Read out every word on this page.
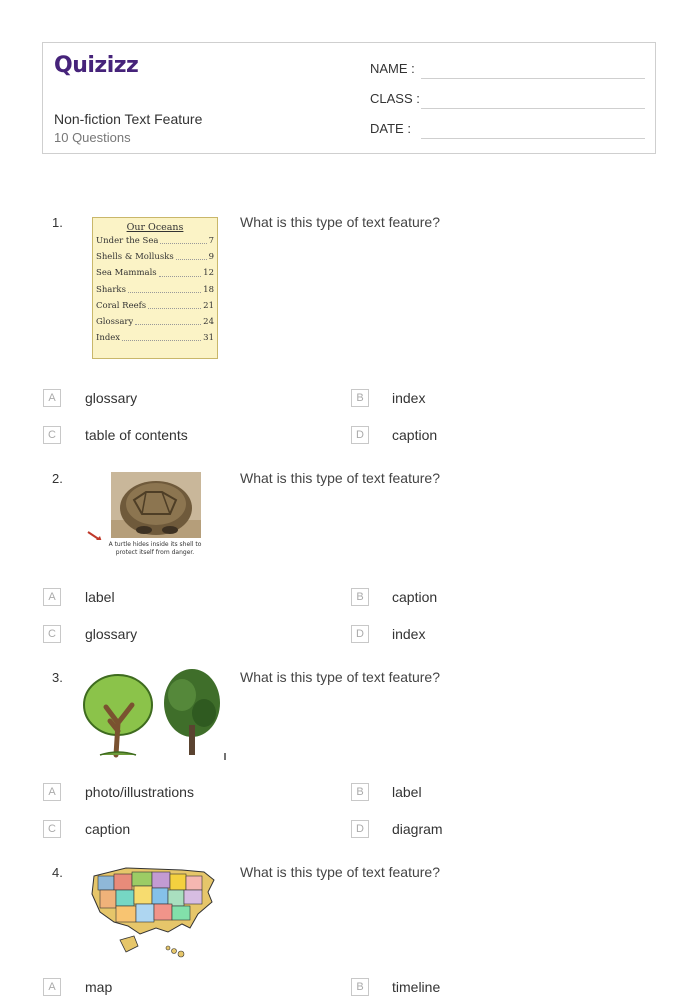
Quizizz
Non-fiction Text Feature
10 Questions
NAME :
CLASS :
DATE :
1.	Our Oceans
Under the Sea	7
Shells & Mollusks	9
Sea Mammals	12
Sharks	18
Coral Reefs	21
Glossary	24
Index	31
What is this type of text feature?
A	glossary	B	index
C	table of contents	D	caption
2.
A turtle hides inside its shell to protect itself from danger.
What is this type of text feature?
A	label	B	caption
C	glossary	D	index
3.	What is this type of text feature?
A	photo/illustrations	B	label
C	caption	D	diagram
4.	What is this type of text feature?
A	map	B	timeline
